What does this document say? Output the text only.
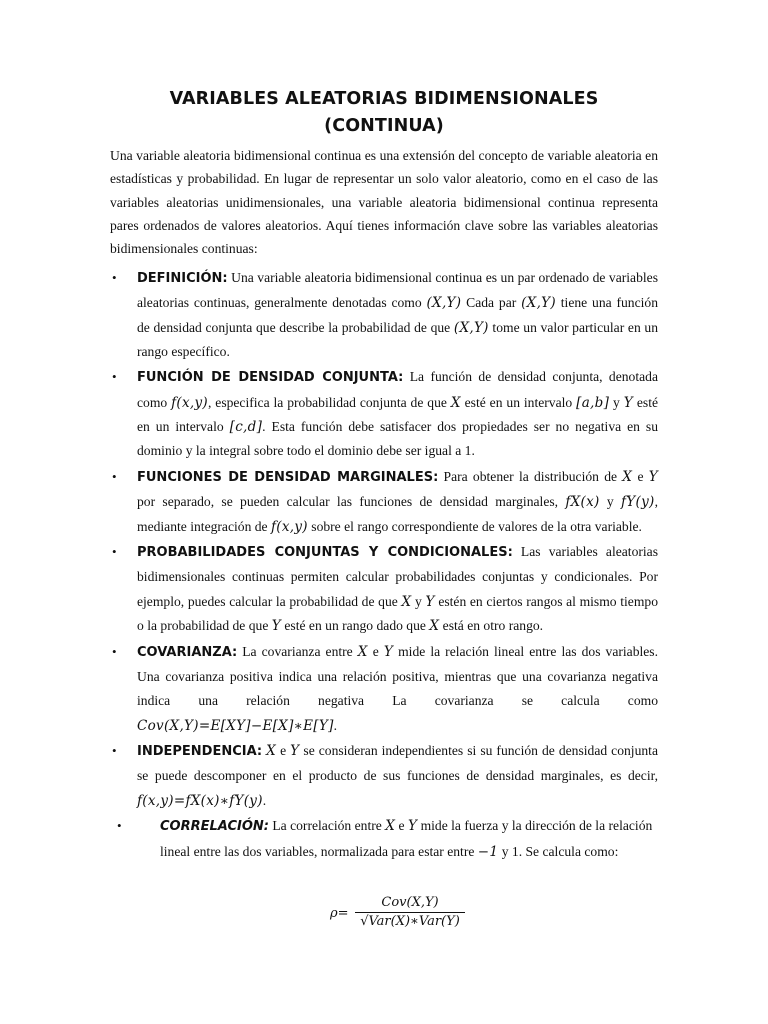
VARIABLES ALEATORIAS BIDIMENSIONALES
(CONTINUA)

Una variable aleatoria bidimensional continua es una extensión del concepto de variable aleatoria en estadísticas y probabilidad. En lugar de representar un solo valor aleatorio, como en el caso de las variables aleatorias unidimensionales, una variable aleatoria bidimensional continua representa pares ordenados de valores aleatorios. Aquí tienes información clave sobre las variables aleatorias bidimensionales continuas:

• DEFINICIÓN: Una variable aleatoria bidimensional continua es un par ordenado de variables aleatorias continuas, generalmente denotadas como (X,Y) Cada par (X,Y) tiene una función de densidad conjunta que describe la probabilidad de que (X,Y) tome un valor particular en un rango específico.
• FUNCIÓN DE DENSIDAD CONJUNTA: La función de densidad conjunta, denotada como f(x,y), especifica la probabilidad conjunta de que X esté en un intervalo [a,b] y Y esté en un intervalo [c,d]. Esta función debe satisfacer dos propiedades ser no negativa en su dominio y la integral sobre todo el dominio debe ser igual a 1.
• FUNCIONES DE DENSIDAD MARGINALES: Para obtener la distribución de X e Y por separado, se pueden calcular las funciones de densidad marginales, fX(x) y fY(y), mediante integración de f(x,y) sobre el rango correspondiente de valores de la otra variable.
• PROBABILIDADES CONJUNTAS Y CONDICIONALES: Las variables aleatorias bidimensionales continuas permiten calcular probabilidades conjuntas y condicionales. Por ejemplo, puedes calcular la probabilidad de que X y Y estén en ciertos rangos al mismo tiempo o la probabilidad de que Y esté en un rango dado que X está en otro rango.
• COVARIANZA: La covarianza entre X e Y mide la relación lineal entre las dos variables. Una covarianza positiva indica una relación positiva, mientras que una covarianza negativa indica una relación negativa La covarianza se calcula como Cov(X,Y)=E[XY]−E[X]∗E[Y].
• INDEPENDENCIA: X e Y se consideran independientes si su función de densidad conjunta se puede descomponer en el producto de sus funciones de densidad marginales, es decir, f(x,y)=fX(x)∗fY(y).
•	CORRELACIÓN: La correlación entre X e Y mide la fuerza y la dirección de la relación lineal entre las dos variables, normalizada para estar entre −1 y 1. Se calcula como:
ρ=
Cov(X,Y)
√Var(X)∗Var(Y)
